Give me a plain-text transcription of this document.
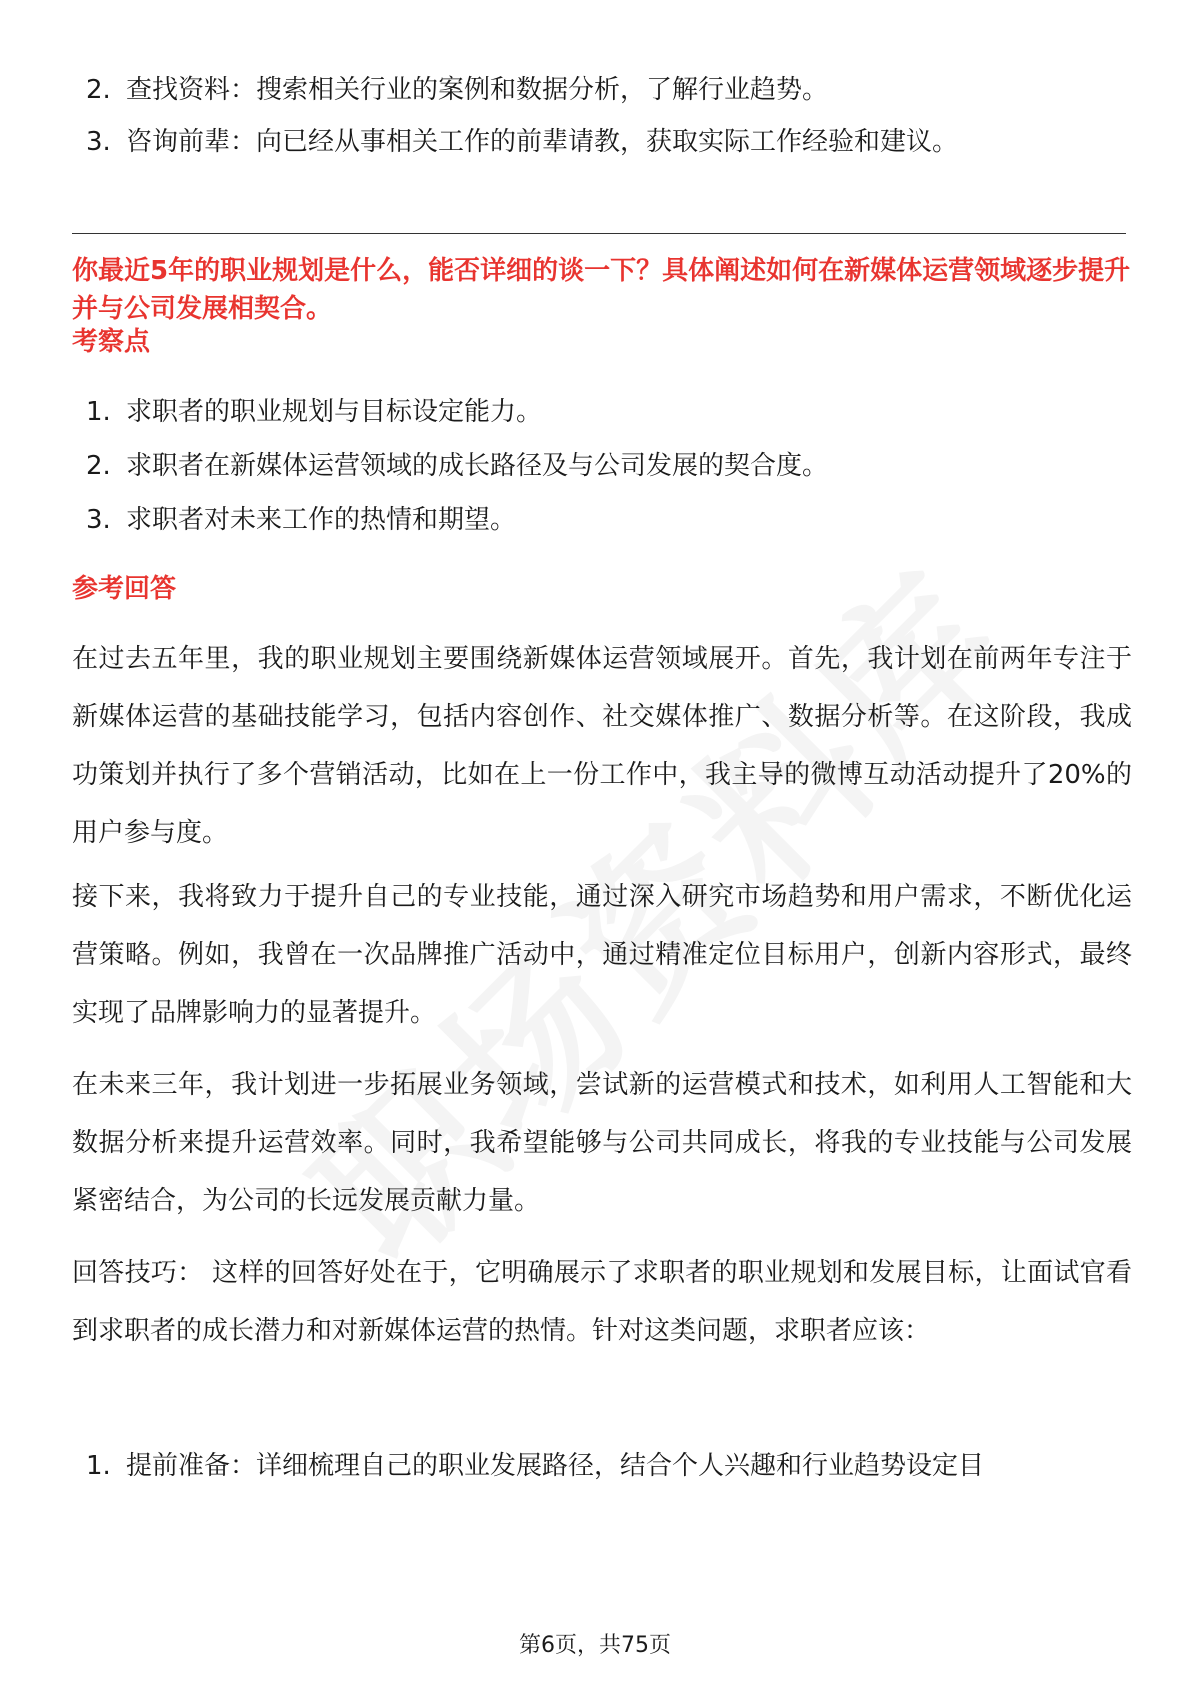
2. 查找资料：搜索相关行业的案例和数据分析，了解行业趋势。
3. 咨询前辈：向已经从事相关工作的前辈请教，获取实际工作经验和建议。
你最近5年的职业规划是什么，能否详细的谈一下？具体阐述如何在新媒体运营领域逐步提升并与公司发展相契合。
考察点
1. 求职者的职业规划与目标设定能力。
2. 求职者在新媒体运营领域的成长路径及与公司发展的契合度。
3. 求职者对未来工作的热情和期望。
参考回答
在过去五年里，我的职业规划主要围绕新媒体运营领域展开。首先，我计划在前两年专注于新媒体运营的基础技能学习，包括内容创作、社交媒体推广、数据分析等。在这阶段，我成功策划并执行了多个营销活动，比如在上一份工作中，我主导的微博互动活动提升了20%的用户参与度。
接下来，我将致力于提升自己的专业技能，通过深入研究市场趋势和用户需求，不断优化运营策略。例如，我曾在一次品牌推广活动中，通过精准定位目标用户，创新内容形式，最终实现了品牌影响力的显著提升。
在未来三年，我计划进一步拓展业务领域，尝试新的运营模式和技术，如利用人工智能和大数据分析来提升运营效率。同时，我希望能够与公司共同成长，将我的专业技能与公司发展紧密结合，为公司的长远发展贡献力量。
回答技巧： 这样的回答好处在于，它明确展示了求职者的职业规划和发展目标，让面试官看到求职者的成长潜力和对新媒体运营的热情。针对这类问题，求职者应该：
1. 提前准备：详细梳理自己的职业发展路径，结合个人兴趣和行业趋势设定目
第6页，共75页
